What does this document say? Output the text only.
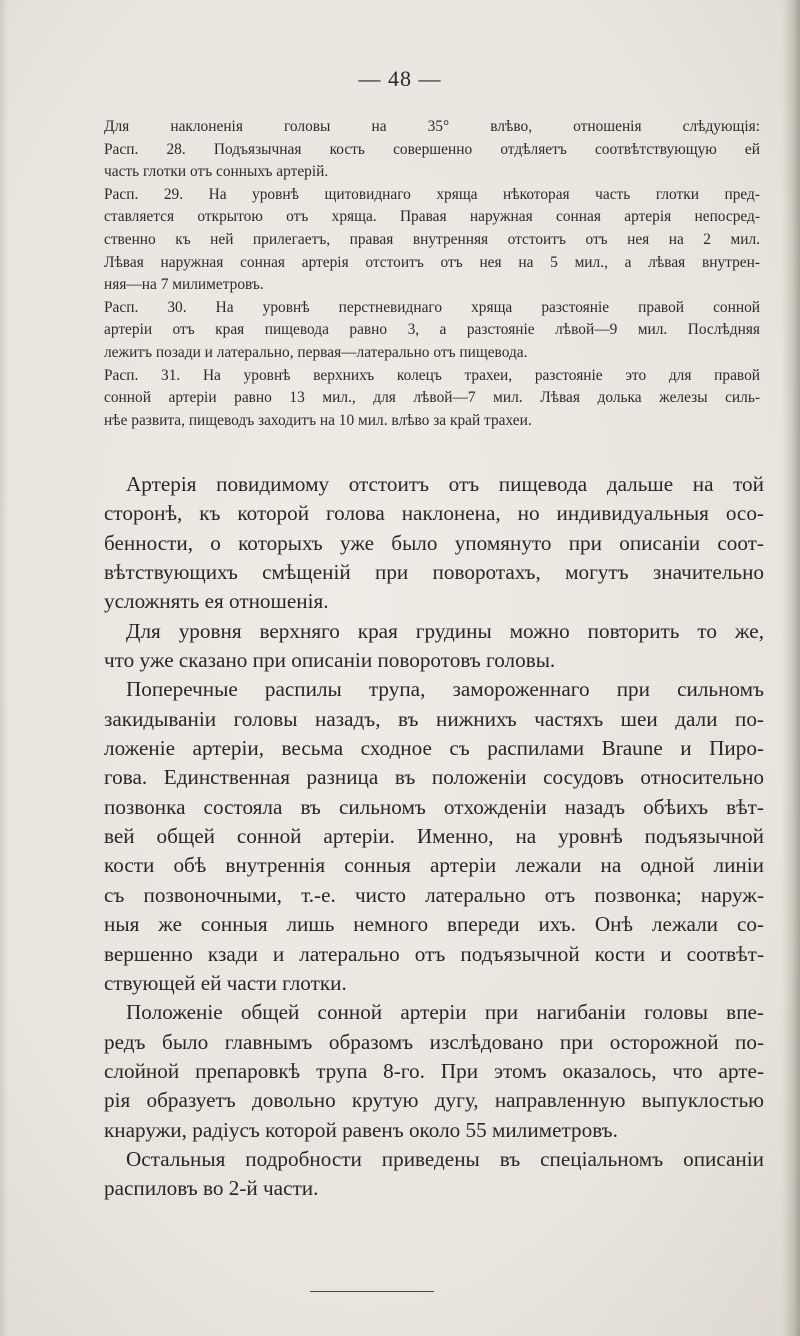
— 48 —
Для наклоненія головы на 35° влѣво, отношенія слѣдующія:
Расп. 28. Подъязычная кость совершенно отдѣляетъ соотвѣтствующую ей
часть глотки отъ сонныхъ артерій.
Расп. 29. На уровнѣ щитовиднаго хряща нѣкоторая часть глотки пред-
ставляется открытою отъ хряща. Правая наружная сонная артерія непосред-
ственно къ ней прилегаетъ, правая внутренняя отстоитъ отъ нея на 2 мил.
Лѣвая наружная сонная артерія отстоитъ отъ нея на 5 мил., а лѣвая внутрен-
няя—на 7 милиметровъ.
Расп. 30. На уровнѣ перстневиднаго хряща разстояніе правой сонной
артеріи отъ края пищевода равно 3, а разстояніе лѣвой—9 мил. Послѣдняя
лежитъ позади и латерально, первая—латерально отъ пищевода.
Расп. 31. На уровнѣ верхнихъ колецъ трахеи, разстояніе это для правой
сонной артеріи равно 13 мил., для лѣвой—7 мил. Лѣвая долька железы силь-
нѣе развита, пищеводъ заходитъ на 10 мил. влѣво за край трахеи.
Артерія повидимому отстоитъ отъ пищевода дальше на той
сторонѣ, къ которой голова наклонена, но индивидуальныя осо-
бенности, о которыхъ уже было упомянуто при описаніи соот-
вѣтствующихъ смѣщеній при поворотахъ, могутъ значительно
усложнять ея отношенія.
Для уровня верхняго края грудины можно повторить то же,
что уже сказано при описаніи поворотовъ головы.
Поперечные распилы трупа, замороженнаго при сильномъ
закидываніи головы назадъ, въ нижнихъ частяхъ шеи дали по-
ложеніе артеріи, весьма сходное съ распилами Braune и Пиро-
гова. Единственная разница въ положеніи сосудовъ относительно
позвонка состояла въ сильномъ отхожденіи назадъ обѣихъ вѣт-
вей общей сонной артеріи. Именно, на уровнѣ подъязычной
кости обѣ внутреннія сонныя артеріи лежали на одной линіи
съ позвоночными, т.-е. чисто латерально отъ позвонка; наруж-
ныя же сонныя лишь немного впереди ихъ. Онѣ лежали со-
вершенно кзади и латерально отъ подъязычной кости и соотвѣт-
ствующей ей части глотки.
Положеніе общей сонной артеріи при нагибаніи головы впе-
редъ было главнымъ образомъ изслѣдовано при осторожной по-
слойной препаровкѣ трупа 8-го. При этомъ оказалось, что арте-
рія образуетъ довольно крутую дугу, направленную выпуклостью
кнаружи, радіусъ которой равенъ около 55 милиметровъ.
Остальныя подробности приведены въ спеціальномъ описаніи
распиловъ во 2-й части.
